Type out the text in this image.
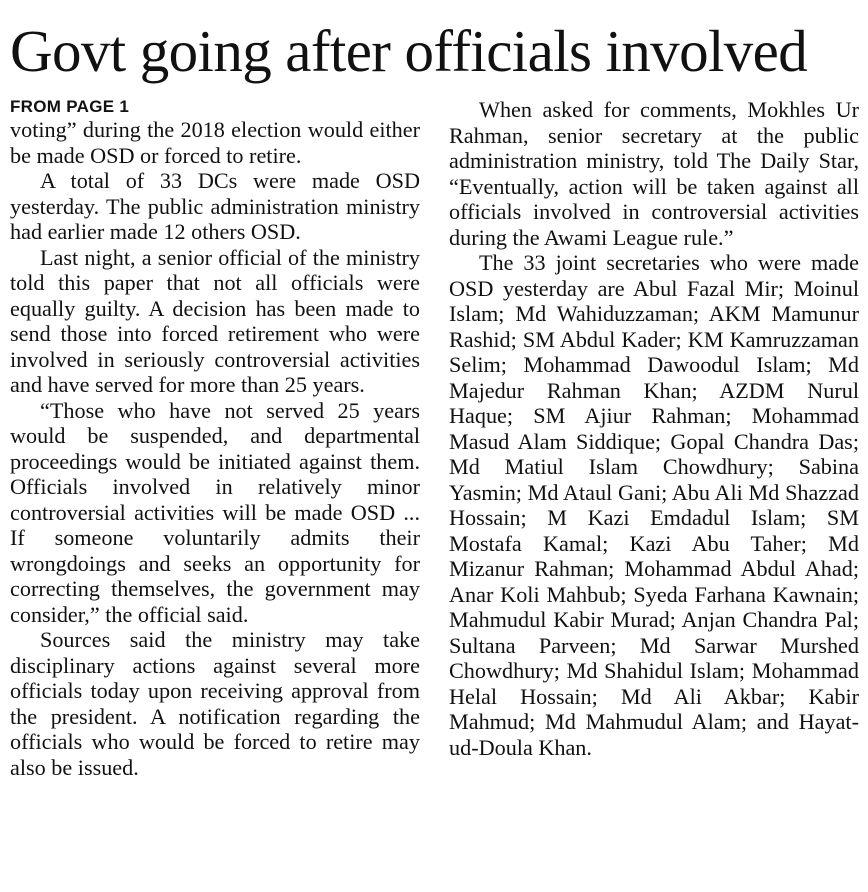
Govt going after officials involved
FROM PAGE 1

voting” during the 2018 election would either be made OSD or forced to retire.

A total of 33 DCs were made OSD yesterday. The public administration ministry had earlier made 12 others OSD.

Last night, a senior official of the ministry told this paper that not all officials were equally guilty. A decision has been made to send those into forced retirement who were involved in seriously controversial activities and have served for more than 25 years.

“Those who have not served 25 years would be suspended, and departmental proceedings would be initiated against them. Officials involved in relatively minor controversial activities will be made OSD ... If someone voluntarily admits their wrongdoings and seeks an opportunity for correcting themselves, the government may consider,” the official said.

Sources said the ministry may take disciplinary actions against several more officials today upon receiving approval from the president. A notification regarding the officials who would be forced to retire may also be issued.

When asked for comments, Mokhles Ur Rahman, senior secretary at the public administration ministry, told The Daily Star, “Eventually, action will be taken against all officials involved in controversial activities during the Awami League rule.”

The 33 joint secretaries who were made OSD yesterday are Abul Fazal Mir; Moinul Islam; Md Wahiduzzaman; AKM Mamunur Rashid; SM Abdul Kader; KM Kamruzzaman Selim; Mohammad Dawoodul Islam; Md Majedur Rahman Khan; AZDM Nurul Haque; SM Ajiur Rahman; Mohammad Masud Alam Siddique; Gopal Chandra Das; Md Matiul Islam Chowdhury; Sabina Yasmin; Md Ataul Gani; Abu Ali Md Shazzad Hossain; M Kazi Emdadul Islam; SM Mostafa Kamal; Kazi Abu Taher; Md Mizanur Rahman; Mohammad Abdul Ahad; Anar Koli Mahbub; Syeda Farhana Kawnain; Mahmudul Kabir Murad; Anjan Chandra Pal; Sultana Parveen; Md Sarwar Murshed Chowdhury; Md Shahidul Islam; Mohammad Helal Hossain; Md Ali Akbar; Kabir Mahmud; Md Mahmudul Alam; and Hayat-ud-Doula Khan.
